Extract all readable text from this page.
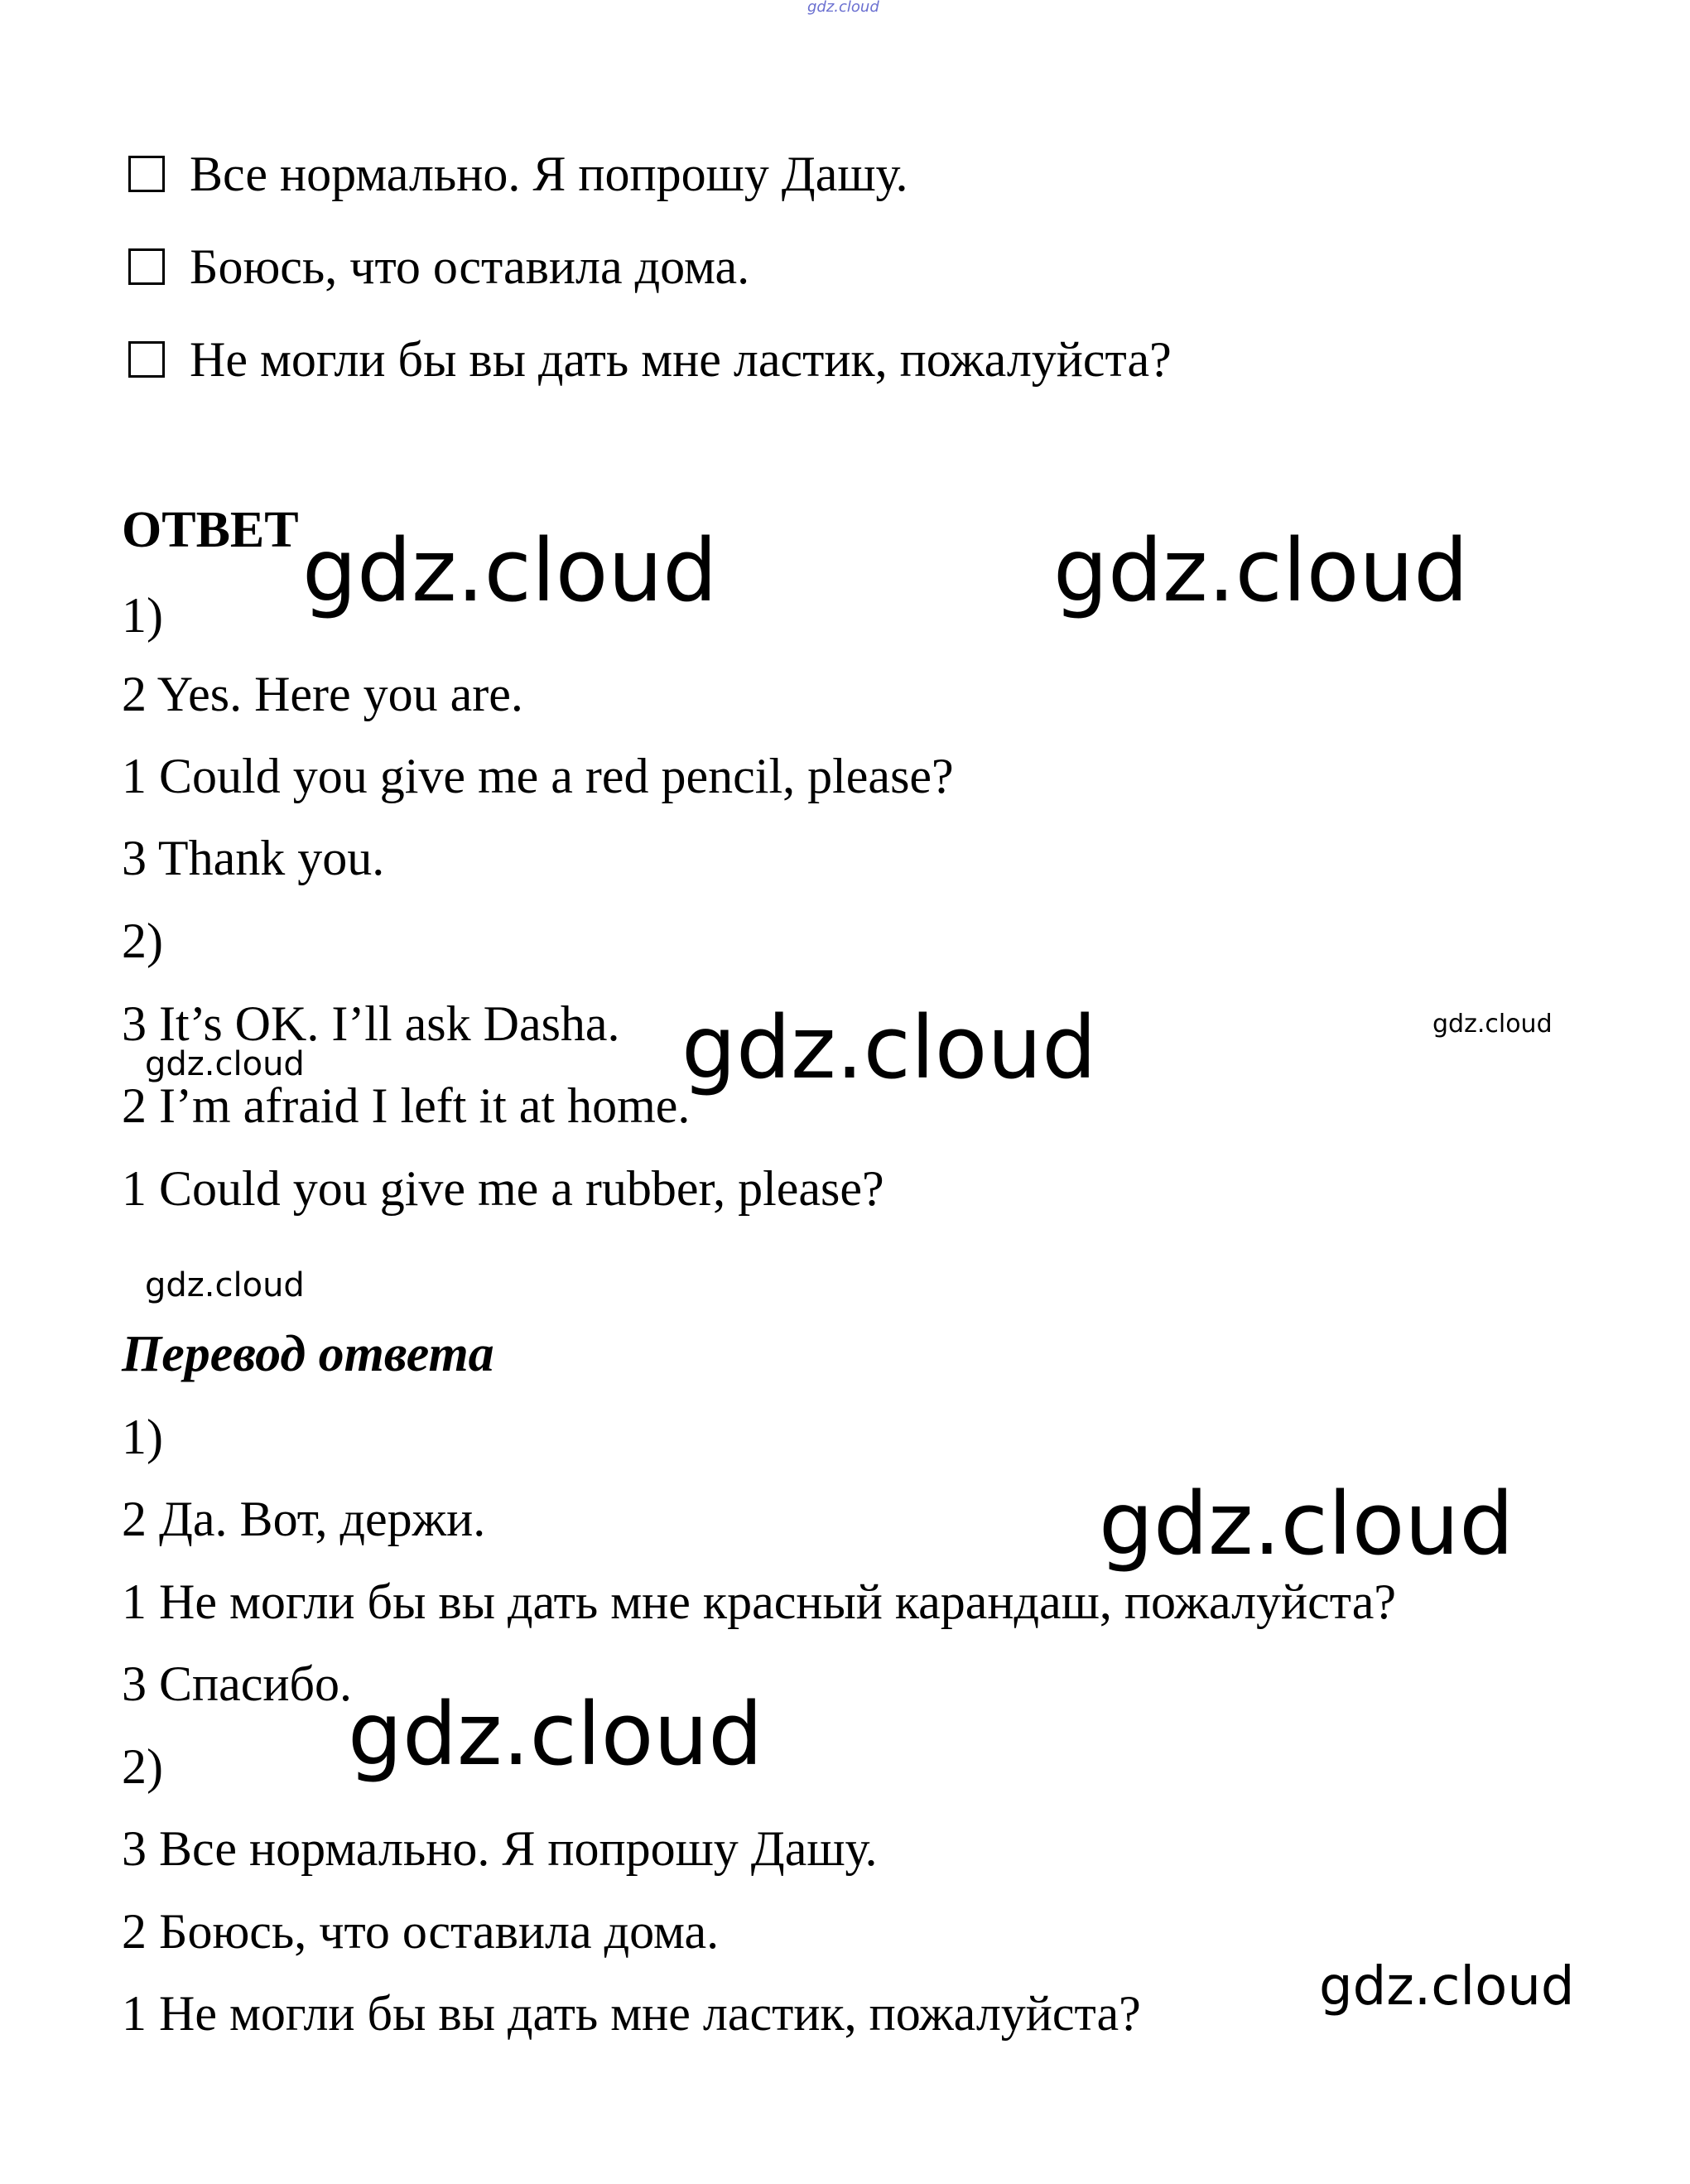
gdz.cloud
Все нормально. Я попрошу Дашу.
Боюсь, что оставила дома.
Не могли бы вы дать мне ластик, пожалуйста?
ОТВЕТ
1)
2 Yes. Here you are.
1 Could you give me a red pencil, please?
3 Thank you.
2)
3 It’s OK. I’ll ask Dasha.
2 I’m afraid I left it at home.
1 Could you give me a rubber, please?
Перевод ответа
1)
2 Да. Вот, держи.
1 Не могли бы вы дать мне красный карандаш, пожалуйста?
3 Спасибо.
2)
3 Все нормально. Я попрошу Дашу.
2 Боюсь, что оставила дома.
1 Не могли бы вы дать мне ластик, пожалуйста?
gdz.cloud	gdz.cloud
gdz.cloud
gdz.cloud
gdz.cloud
gdz.cloud
gdz.cloud
gdz.cloud
gdz.cloud
